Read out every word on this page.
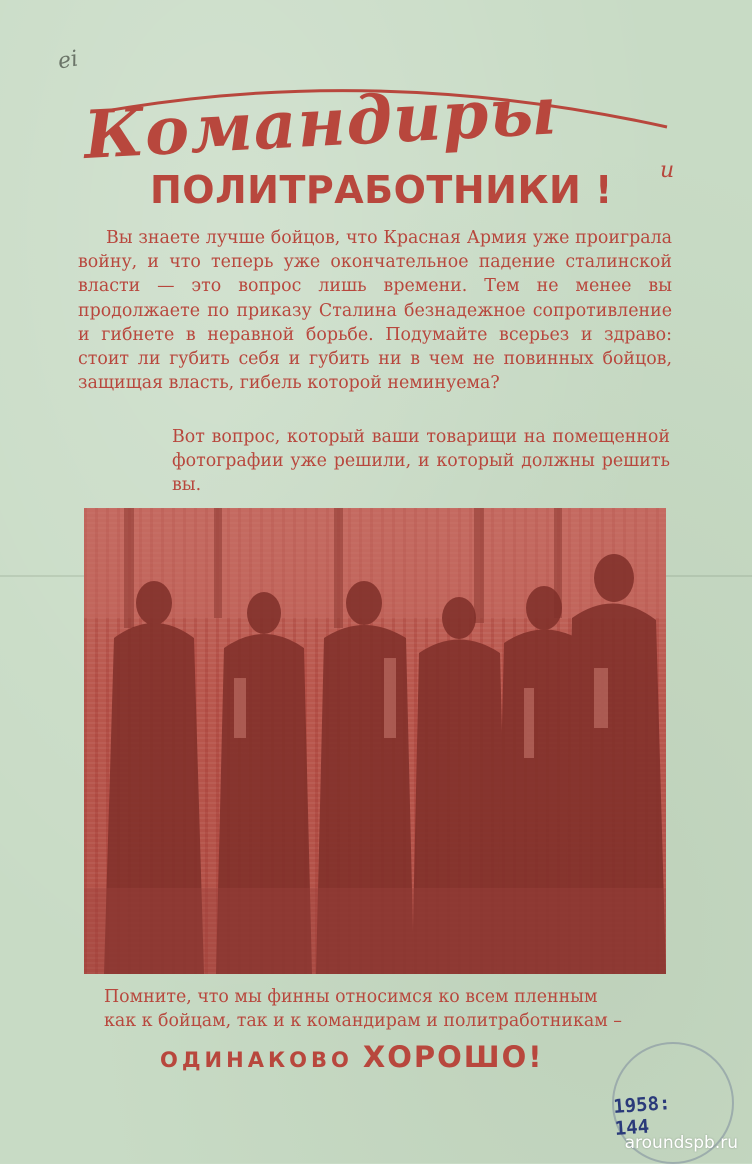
ei
Командиры	и
ПОЛИТРАБОТНИКИ !
Вы знаете лучше бойцов, что Красная Армия уже проиграла войну, и что теперь уже окончательное падение сталинской власти — это вопрос лишь времени. Тем не менее вы продолжаете по приказу Сталина безнадежное сопротивление и гибнете в неравной борьбе. Подумайте всерьез и здраво: стоит ли губить себя и губить ни в чем не повинных бойцов, защищая власть, гибель которой неминуема?
Вот вопрос, который ваши товарищи на помещенной фотографии уже решили, и который должны решить вы.
Помните, что мы финны относимся ко всем пленным
как к бойцам, так и к командирам и политработникам –
ОДИНАКОВО ХОРОШО!
1958:
144
aroundspb.ru
